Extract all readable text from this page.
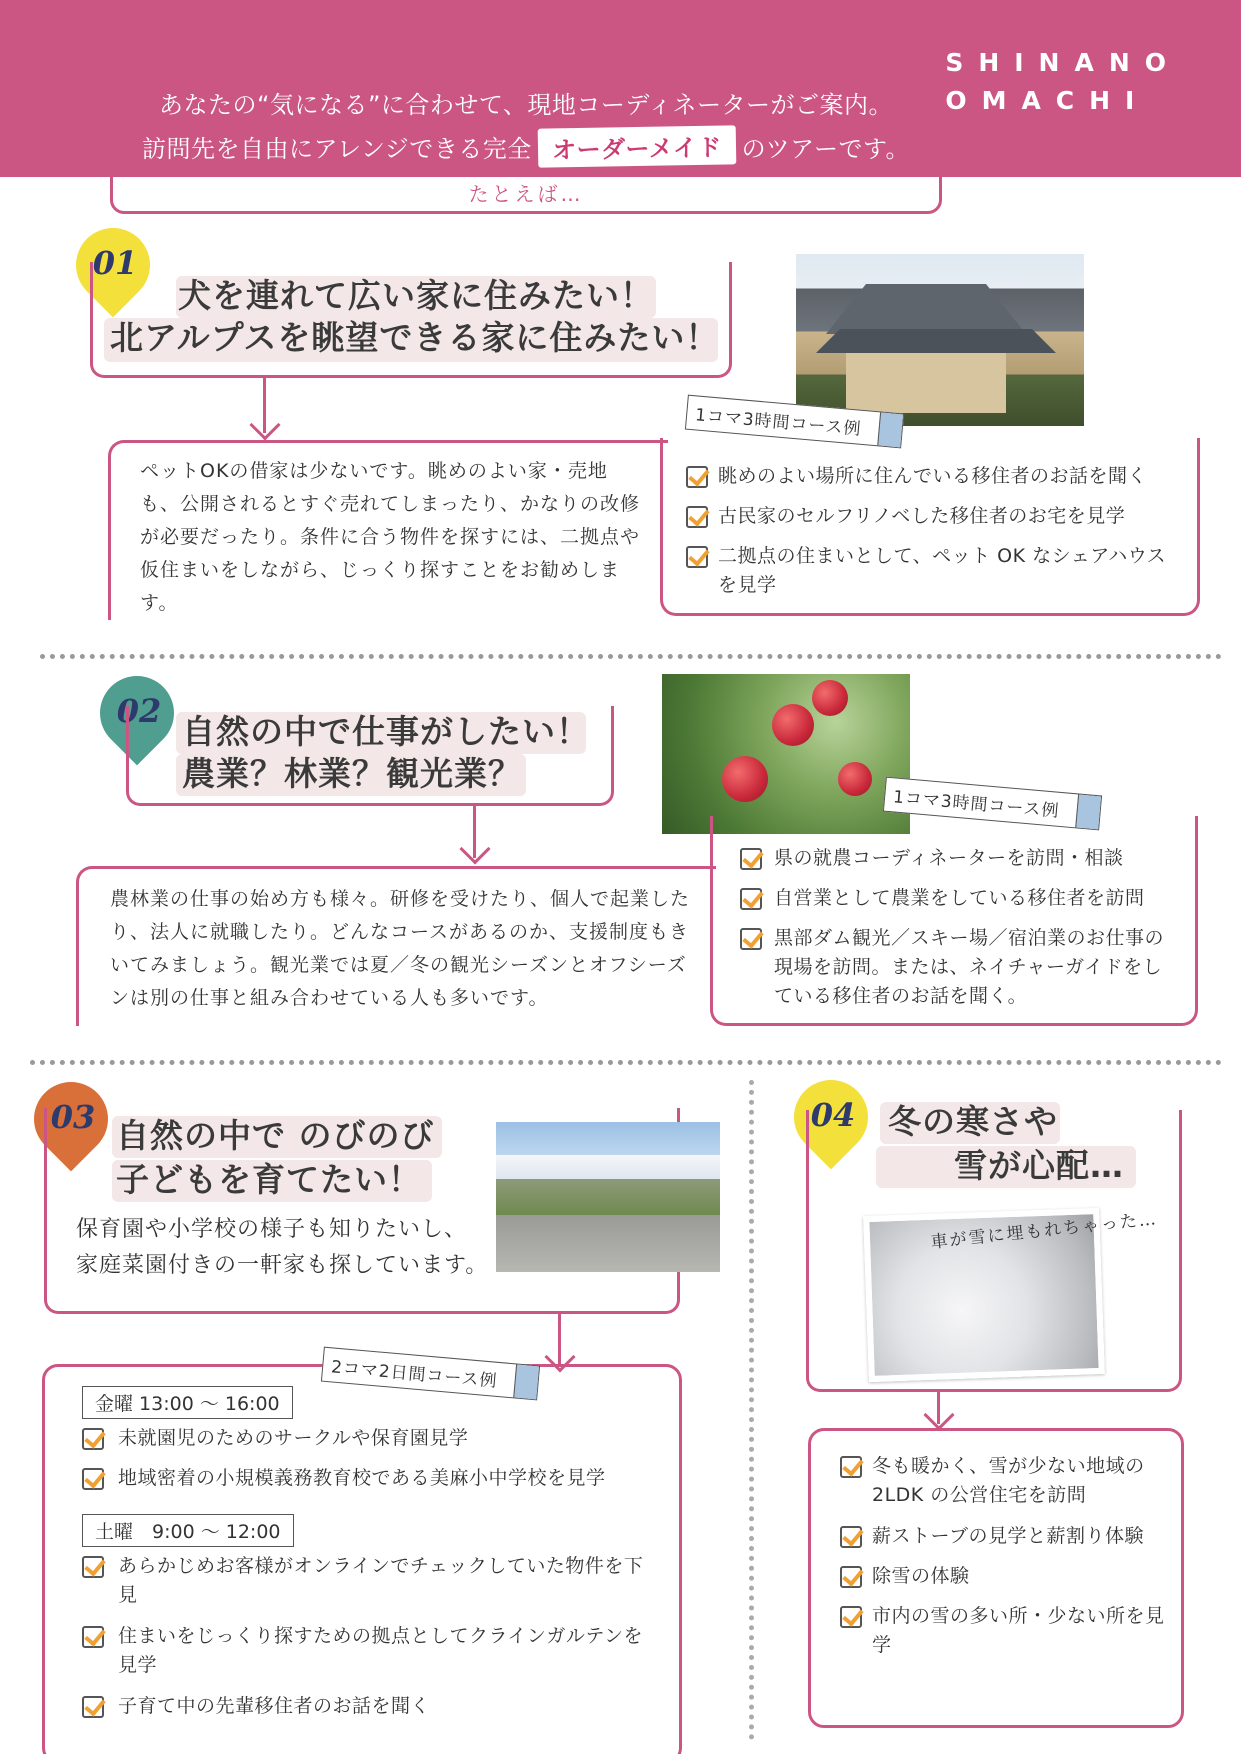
SHINANO
OMACHI
あなたの“気になる”に合わせて、現地コーディネーターがご案内。
訪問先を自由にアレンジできる完全 オーダーメイド のツアーです。
たとえば…
01
犬を連れて広い家に住みたい！
北アルプスを眺望できる家に住みたい！
ペットOKの借家は少ないです。眺めのよい家・売地も、公開されるとすぐ売れてしまったり、かなりの改修が必要だったり。条件に合う物件を探すには、二拠点や仮住まいをしながら、じっくり探すことをお勧めします。
1コマ3時間コース例
眺めのよい場所に住んでいる移住者のお話を聞く
古民家のセルフリノベした移住者のお宅を見学
二拠点の住まいとして、ペット OK なシェアハウスを見学
02
自然の中で仕事がしたい！
農業？林業？観光業？
農林業の仕事の始め方も様々。研修を受けたり、個人で起業したり、法人に就職したり。どんなコースがあるのか、支援制度もきいてみましょう。観光業では夏／冬の観光シーズンとオフシーズンは別の仕事と組み合わせている人も多いです。
1コマ3時間コース例
県の就農コーディネーターを訪問・相談
自営業として農業をしている移住者を訪問
黒部ダム観光／スキー場／宿泊業のお仕事の現場を訪問。または、ネイチャーガイドをしている移住者のお話を聞く。
03 自然の中で のびのび
子どもを育てたい！
保育園や小学校の様子も知りたいし、
家庭菜園付きの一軒家も探しています。
2コマ2日間コース例
金曜 13:00 〜 16:00
未就園児のためのサークルや保育園見学
地域密着の小規模義務教育校である美麻小中学校を見学
土曜　9:00 〜 12:00
あらかじめお客様がオンラインでチェックしていた物件を下見
住まいをじっくり探すための拠点としてクラインガルテンを見学
子育て中の先輩移住者のお話を聞く
04 冬の寒さや
雪が心配…
車が雪に埋もれちゃった…
冬も暖かく、雪が少ない地域の2LDK の公営住宅を訪問
薪ストーブの見学と薪割り体験
除雪の体験
市内の雪の多い所・少ない所を見学
